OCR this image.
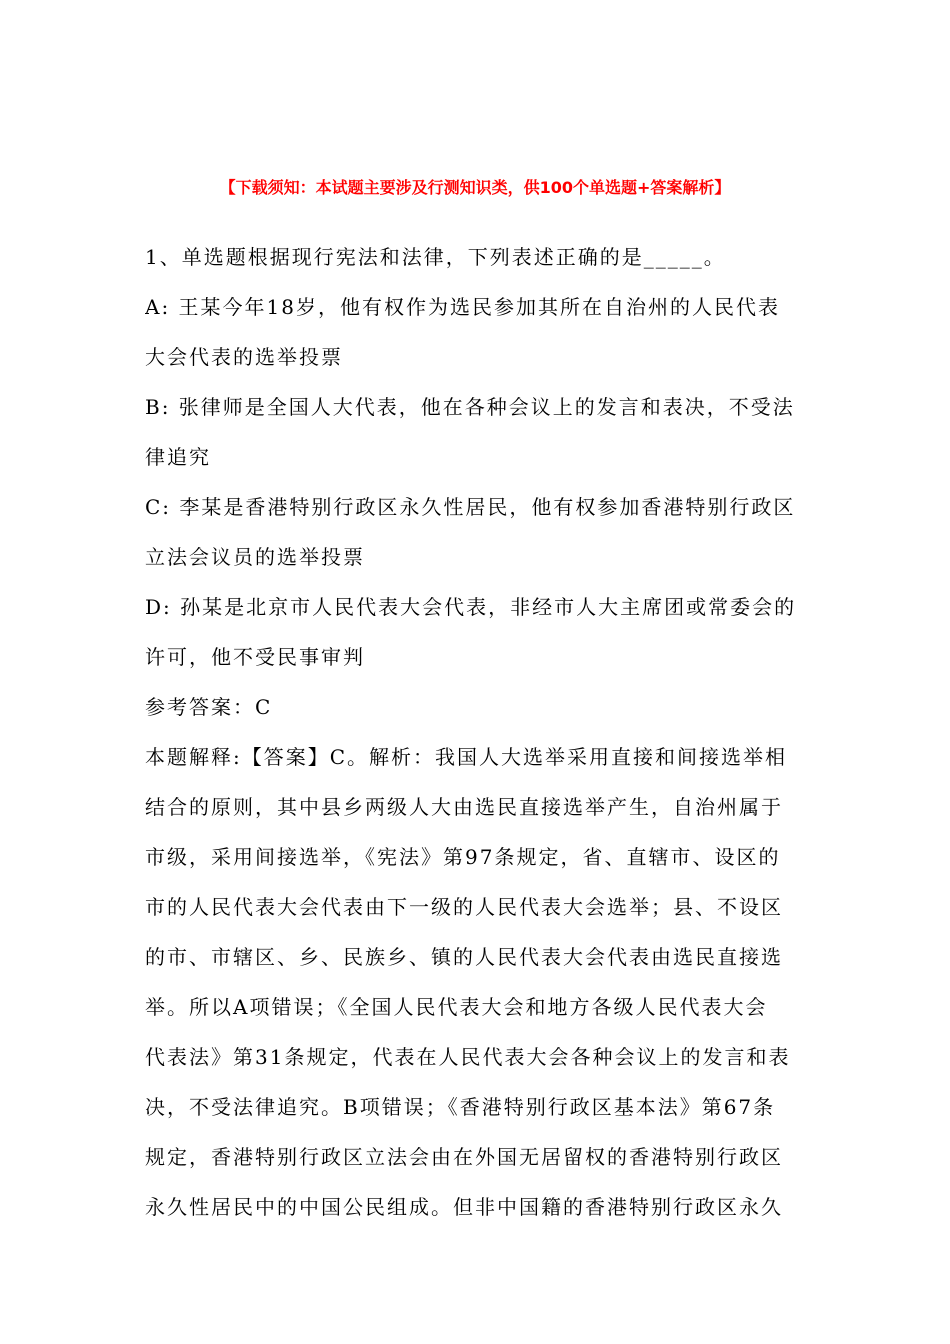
【下载须知：本试题主要涉及行测知识类，供100个单选题+答案解析】
1、单选题根据现行宪法和法律，下列表述正确的是_____。
A: 王某今年18岁，他有权作为选民参加其所在自治州的人民代表
大会代表的选举投票
B: 张律师是全国人大代表，他在各种会议上的发言和表决，不受法
律追究
C: 李某是香港特别行政区永久性居民，他有权参加香港特别行政区
立法会议员的选举投票
D: 孙某是北京市人民代表大会代表，非经市人大主席团或常委会的
许可，他不受民事审判
参考答案：C
本题解释:【答案】C。解析：我国人大选举采用直接和间接选举相
结合的原则，其中县乡两级人大由选民直接选举产生，自治州属于
市级，采用间接选举，《宪法》第97条规定，省、直辖市、设区的
市的人民代表大会代表由下一级的人民代表大会选举；县、不设区
的市、市辖区、乡、民族乡、镇的人民代表大会代表由选民直接选
举。所以A项错误；《全国人民代表大会和地方各级人民代表大会
代表法》第31条规定，代表在人民代表大会各种会议上的发言和表
决，不受法律追究。B项错误；《香港特别行政区基本法》第67条
规定，香港特别行政区立法会由在外国无居留权的香港特别行政区
永久性居民中的中国公民组成。但非中国籍的香港特别行政区永久
